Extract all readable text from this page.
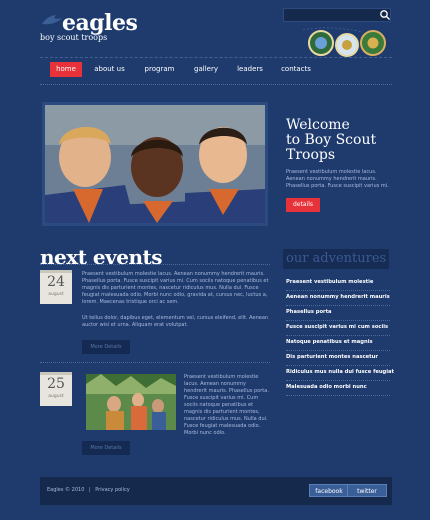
eagles
boy scout troops
home	about us	program	gallery	leaders	contacts
Welcome
to Boy Scout
Troops
Praesent vestibulum molestie lacus. Aenean nonummy hendrerit mauris. Phasellus porta. Fusce suscipit varius mi.
details
next events
24
august
Praesent vestibulum molestie lacus. Aenean nonummy hendrerit mauris. Phasellus porta. Fusce suscipit varius mi. Cum sociis natoque penatibus et magnis dis parturient montes, nascetur ridiculus mus. Nulla dui. Fusce feugiat malesuada odio. Morbi nunc odio, gravida at, cursus nec, luctus a, lorem. Maecenas tristique orci ac sem.
Ut tellus dolor, dapibus eget, elementum vel, cursus eleifend, elit. Aenean auctor wisi et urna. Aliquam erat volutpat.
More Details
25
august
Praesent vestibulum molestie lacus. Aenean nonummy hendrerit mauris. Phasellus porta. Fusce suscipit varius mi. Cum sociis natoque penatibus et magnis dis parturient montes, nascetur ridiculus mus. Nulla dui. Fusce feugiat malesuada odio. Morbi nunc odio.
More Details
our adventures
Praesent vestibulum molestie
Aenean nonummy hendrerit mauris
Phasellus porta
Fusce suscipit varius mi cum sociis
Natoque penatibus et magnis
Dis parturient montes nascetur
Ridiculus mus nulla dui fusce feugiat
Malesuada odio morbi nunc
Eagles © 2010 | Privacy policy	facebook	twitter
